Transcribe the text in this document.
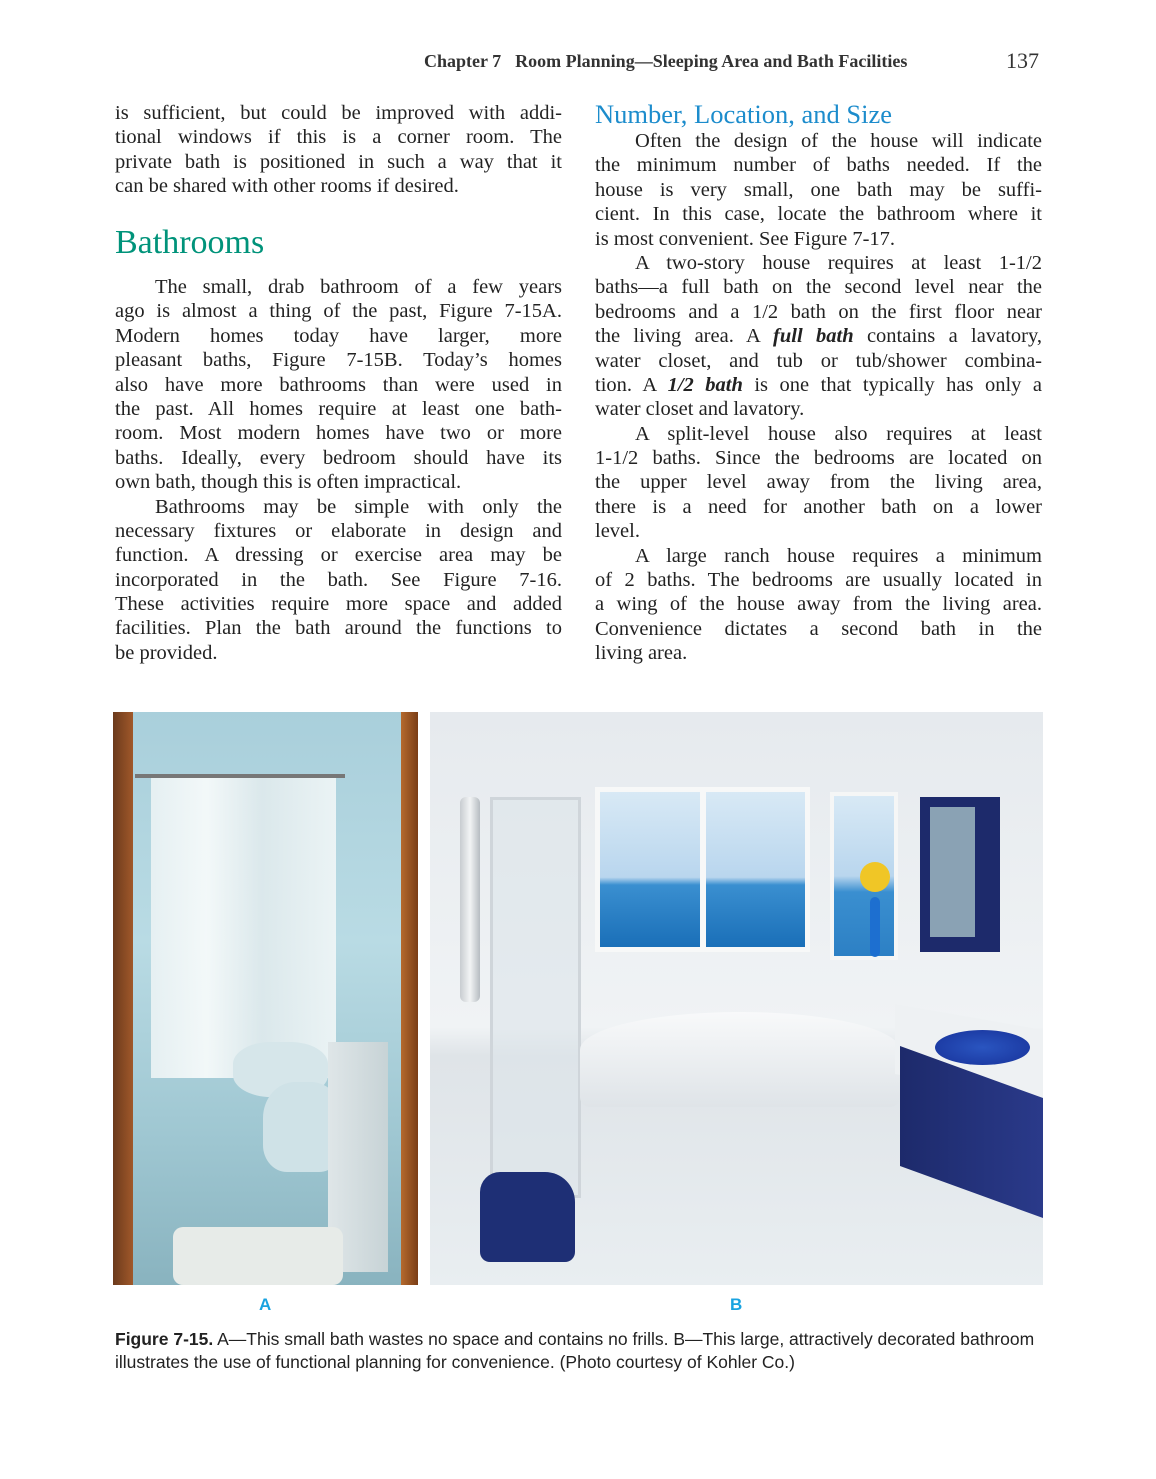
Chapter 7 Room Planning—Sleeping Area and Bath Facilities	137
is sufficient, but could be improved with addi-
tional windows if this is a corner room. The
private bath is positioned in such a way that it
can be shared with other rooms if desired.
Bathrooms
The small, drab bathroom of a few years
ago is almost a thing of the past, Figure 7-15A.
Modern homes today have larger, more
pleasant baths, Figure 7-15B. Today’s homes
also have more bathrooms than were used in
the past. All homes require at least one bath-
room. Most modern homes have two or more
baths. Ideally, every bedroom should have its
own bath, though this is often impractical.
Bathrooms may be simple with only the
necessary fixtures or elaborate in design and
function. A dressing or exercise area may be
incorporated in the bath. See Figure 7-16.
These activities require more space and added
facilities. Plan the bath around the functions to
be provided.
Number, Location, and Size
Often the design of the house will indicate
the minimum number of baths needed. If the
house is very small, one bath may be suffi-
cient. In this case, locate the bathroom where it
is most convenient. See Figure 7-17.
A two-story house requires at least 1-1/2
baths—a full bath on the second level near the
bedrooms and a 1/2 bath on the first floor near
the living area. A full bath contains a lavatory,
water closet, and tub or tub/shower combina-
tion. A 1/2 bath is one that typically has only a
water closet and lavatory.
A split-level house also requires at least
1-1/2 baths. Since the bedrooms are located on
the upper level away from the living area,
there is a need for another bath on a lower
level.
A large ranch house requires a minimum
of 2 baths. The bedrooms are usually located in
a wing of the house away from the living area.
Convenience dictates a second bath in the
living area.
A	B
Figure 7-15. A—This small bath wastes no space and contains no frills. B—This large, attractively decorated bathroom illustrates the use of functional planning for convenience. (Photo courtesy of Kohler Co.)
